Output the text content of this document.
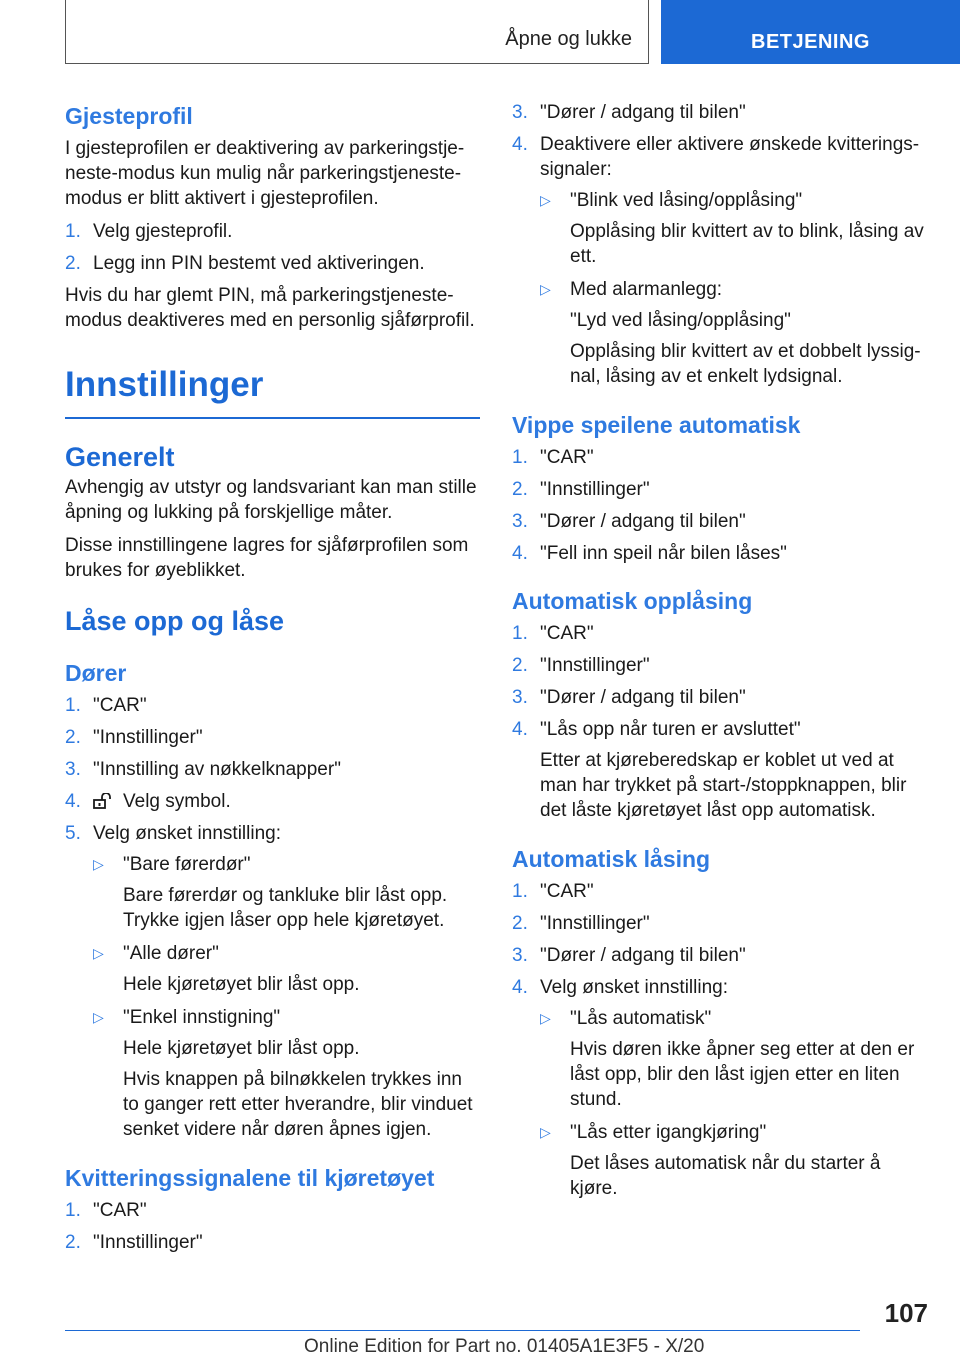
Åpne og lukke	BETJENING
Gjesteprofil

I gjesteprofilen er deaktivering av parkeringstje-neste-modus kun mulig når parkeringstjeneste-modus er blitt aktivert i gjesteprofilen.

1. Velg gjesteprofil.
2. Legg inn PIN bestemt ved aktiveringen.

Hvis du har glemt PIN, må parkeringstjeneste-modus deaktiveres med en personlig sjåførprofil.

Innstillinger
Generelt

Avhengig av utstyr og landsvariant kan man stille åpning og lukking på forskjellige måter.

Disse innstillingene lagres for sjåførprofilen som brukes for øyeblikket.

Låse opp og låse
Dører
1. "CAR"
2. "Innstillinger"
3. "Innstilling av nøkkelknapper"
4. Velg symbol.
5. Velg ønsket innstilling:
▷ "Bare førerdør"

Bare førerdør og tankluke blir låst opp. Trykke igjen låser opp hele kjøretøyet.

▷ "Alle dører"

Hele kjøretøyet blir låst opp.

▷ "Enkel innstigning"

Hele kjøretøyet blir låst opp.

Hvis knappen på bilnøkkelen trykkes inn to ganger rett etter hverandre, blir vinduet senket videre når døren åpnes igjen.

Kvitteringssignalene til kjøretøyet
1. "CAR"
2. "Innstillinger"
3. "Dører / adgang til bilen"
4. Deaktivere eller aktivere ønskede kvitterings-signaler:
▷ "Blink ved låsing/opplåsing"

Opplåsing blir kvittert av to blink, låsing av ett.

▷ Med alarmanlegg:

"Lyd ved låsing/opplåsing"

Opplåsing blir kvittert av et dobbelt lyssig-nal, låsing av et enkelt lydsignal.

Vippe speilene automatisk
1. "CAR"
2. "Innstillinger"
3. "Dører / adgang til bilen"
4. "Fell inn speil når bilen låses"
Automatisk opplåsing
1. "CAR"
2. "Innstillinger"
3. "Dører / adgang til bilen"
4. "Lås opp når turen er avsluttet"

Etter at kjøreberedskap er koblet ut ved at man har trykket på start-/stoppknappen, blir det låste kjøretøyet låst opp automatisk.

Automatisk låsing
1. "CAR"
2. "Innstillinger"
3. "Dører / adgang til bilen"
4. Velg ønsket innstilling:
▷ "Lås automatisk"

Hvis døren ikke åpner seg etter at den er låst opp, blir den låst igjen etter en liten stund.

▷ "Lås etter igangkjøring"

Det låses automatisk når du starter å kjøre.

107
Online Edition for Part no. 01405A1E3F5 - X/20
